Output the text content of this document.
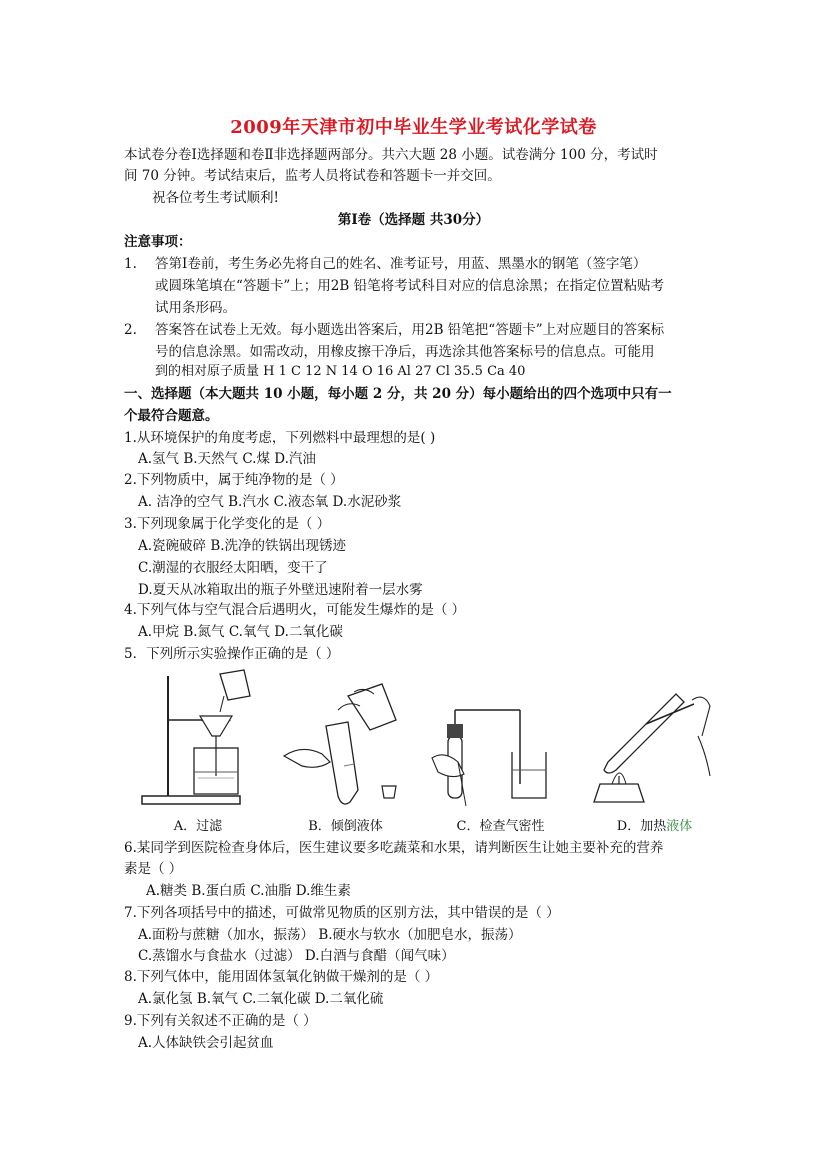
2009年天津市初中毕业生学业考试化学试卷
本试卷分卷Ⅰ选择题和卷Ⅱ非选择题两部分。共六大题 28 小题。试卷满分 100 分，考试时
间 70 分钟。考试结束后，监考人员将试卷和答题卡一并交回。
祝各位考生考试顺利!
第Ⅰ卷（选择题 共30分）
注意事项：
1. 答第Ⅰ卷前，考生务必先将自己的姓名、准考证号，用蓝、黑墨水的钢笔（签字笔）
或圆珠笔填在“答题卡”上；用2B 铅笔将考试科目对应的信息涂黑；在指定位置粘贴考
试用条形码。
2. 答案答在试卷上无效。每小题选出答案后，用2B 铅笔把“答题卡”上对应题目的答案标
号的信息涂黑。如需改动，用橡皮擦干净后，再选涂其他答案标号的信息点。可能用
到的相对原子质量 H 1 C 12 N 14 O 16 Al 27 Cl 35.5 Ca 40
一、选择题（本大题共 10 小题，每小题 2 分，共 20 分）每小题给出的四个选项中只有一
个最符合题意。
1.从环境保护的角度考虑，下列燃料中最理想的是( )
A.氢气 B.天然气 C.煤 D.汽油
2.下列物质中，属于纯净物的是（ ）
A. 洁净的空气 B.汽水 C.液态氧 D.水泥砂浆
3.下列现象属于化学变化的是（ ）
A.瓷碗破碎 B.洗净的铁锅出现锈迹
C.潮湿的衣服经太阳晒，变干了
D.夏天从冰箱取出的瓶子外壁迅速附着一层水雾
4.下列气体与空气混合后遇明火，可能发生爆炸的是（ ）
A.甲烷 B.氮气 C.氧气 D.二氧化碳
5．下列所示实验操作正确的是（ ）
A．过滤	B．倾倒液体	C．检查气密性	D．加热液体
6.某同学到医院检查身体后，医生建议要多吃蔬菜和水果，请判断医生让她主要补充的营养
素是（ ）
A.糖类 B.蛋白质 C.油脂 D.维生素
7.下列各项括号中的描述，可做常见物质的区别方法，其中错误的是（ ）
A.面粉与蔗糖（加水，振荡） B.硬水与软水（加肥皂水，振荡）
C.蒸馏水与食盐水（过滤） D.白酒与食醋（闻气味）
8.下列气体中，能用固体氢氧化钠做干燥剂的是（ ）
A.氯化氢 B.氧气 C.二氧化碳 D.二氧化硫
9.下列有关叙述不正确的是（ ）
A.人体缺铁会引起贫血
